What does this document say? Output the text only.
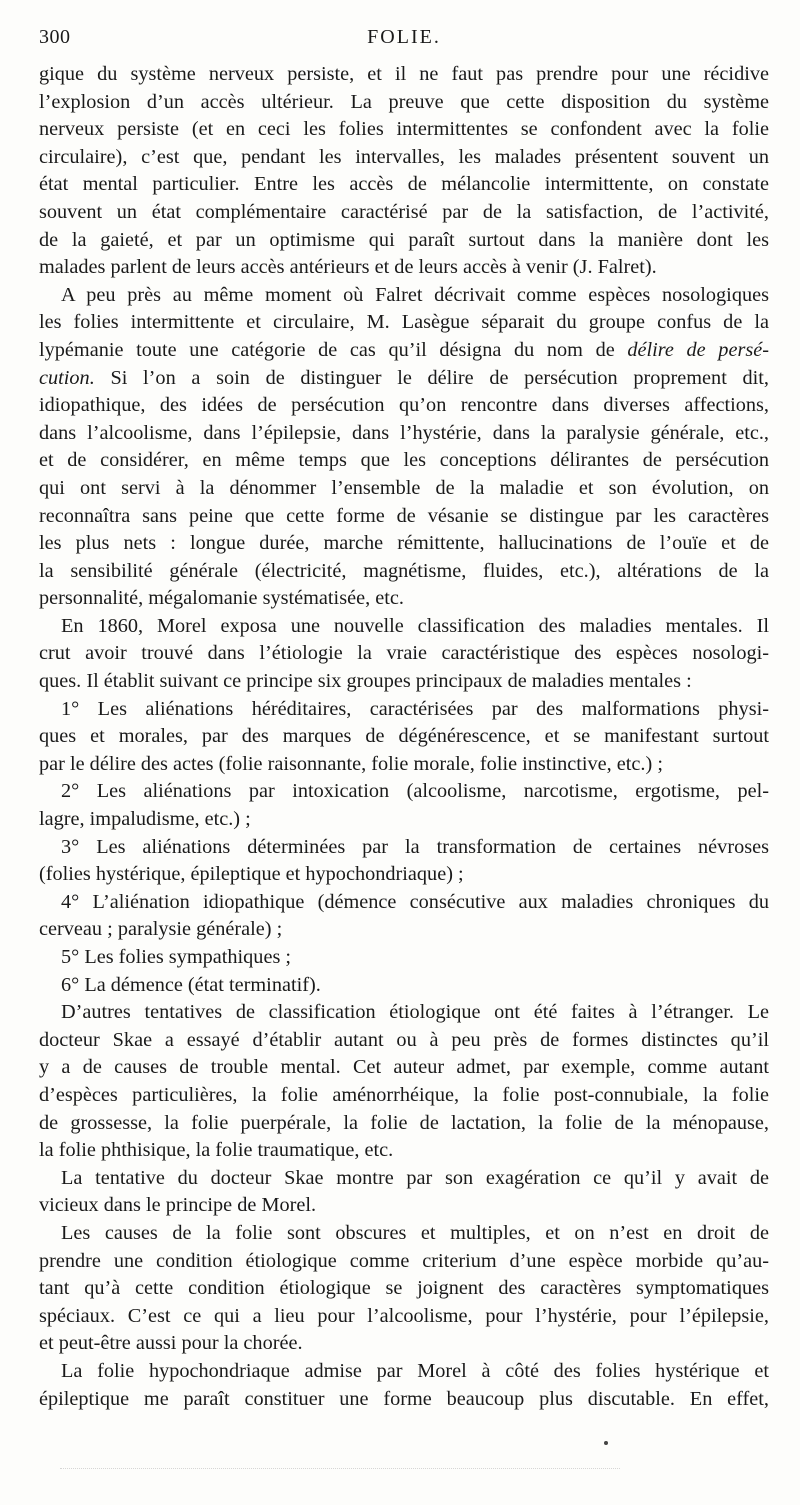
300	FOLIE.
gique du système nerveux persiste, et il ne faut pas prendre pour une récidive
l’explosion d’un accès ultérieur. La preuve que cette disposition du système
nerveux persiste (et en ceci les folies intermittentes se confondent avec la folie
circulaire), c’est que, pendant les intervalles, les malades présentent souvent un
état mental particulier. Entre les accès de mélancolie intermittente, on constate
souvent un état complémentaire caractérisé par de la satisfaction, de l’activité,
de la gaieté, et par un optimisme qui paraît surtout dans la manière dont les
malades parlent de leurs accès antérieurs et de leurs accès à venir (J. Falret).
A peu près au même moment où Falret décrivait comme espèces nosologiques
les folies intermittente et circulaire, M. Lasègue séparait du groupe confus de la
lypémanie toute une catégorie de cas qu’il désigna du nom de délire de persé-
cution. Si l’on a soin de distinguer le délire de persécution proprement dit,
idiopathique, des idées de persécution qu’on rencontre dans diverses affections,
dans l’alcoolisme, dans l’épilepsie, dans l’hystérie, dans la paralysie générale, etc.,
et de considérer, en même temps que les conceptions délirantes de persécution
qui ont servi à la dénommer l’ensemble de la maladie et son évolution, on
reconnaîtra sans peine que cette forme de vésanie se distingue par les caractères
les plus nets : longue durée, marche rémittente, hallucinations de l’ouïe et de
la sensibilité générale (électricité, magnétisme, fluides, etc.), altérations de la
personnalité, mégalomanie systématisée, etc.
En 1860, Morel exposa une nouvelle classification des maladies mentales. Il
crut avoir trouvé dans l’étiologie la vraie caractéristique des espèces nosologi-
ques. Il établit suivant ce principe six groupes principaux de maladies mentales :
1° Les aliénations héréditaires, caractérisées par des malformations physi-
ques et morales, par des marques de dégénérescence, et se manifestant surtout
par le délire des actes (folie raisonnante, folie morale, folie instinctive, etc.) ;
2° Les aliénations par intoxication (alcoolisme, narcotisme, ergotisme, pel-
lagre, impaludisme, etc.) ;
3° Les aliénations déterminées par la transformation de certaines névroses
(folies hystérique, épileptique et hypochondriaque) ;
4° L’aliénation idiopathique (démence consécutive aux maladies chroniques du
cerveau ; paralysie générale) ;
5° Les folies sympathiques ;
6° La démence (état terminatif).
D’autres tentatives de classification étiologique ont été faites à l’étranger. Le
docteur Skae a essayé d’établir autant ou à peu près de formes distinctes qu’il
y a de causes de trouble mental. Cet auteur admet, par exemple, comme autant
d’espèces particulières, la folie aménorrhéique, la folie post-connubiale, la folie
de grossesse, la folie puerpérale, la folie de lactation, la folie de la ménopause,
la folie phthisique, la folie traumatique, etc.
La tentative du docteur Skae montre par son exagération ce qu’il y avait de
vicieux dans le principe de Morel.
Les causes de la folie sont obscures et multiples, et on n’est en droit de
prendre une condition étiologique comme criterium d’une espèce morbide qu’au-
tant qu’à cette condition étiologique se joignent des caractères symptomatiques
spéciaux. C’est ce qui a lieu pour l’alcoolisme, pour l’hystérie, pour l’épilepsie,
et peut-être aussi pour la chorée.
La folie hypochondriaque admise par Morel à côté des folies hystérique et
épileptique me paraît constituer une forme beaucoup plus discutable. En effet,
